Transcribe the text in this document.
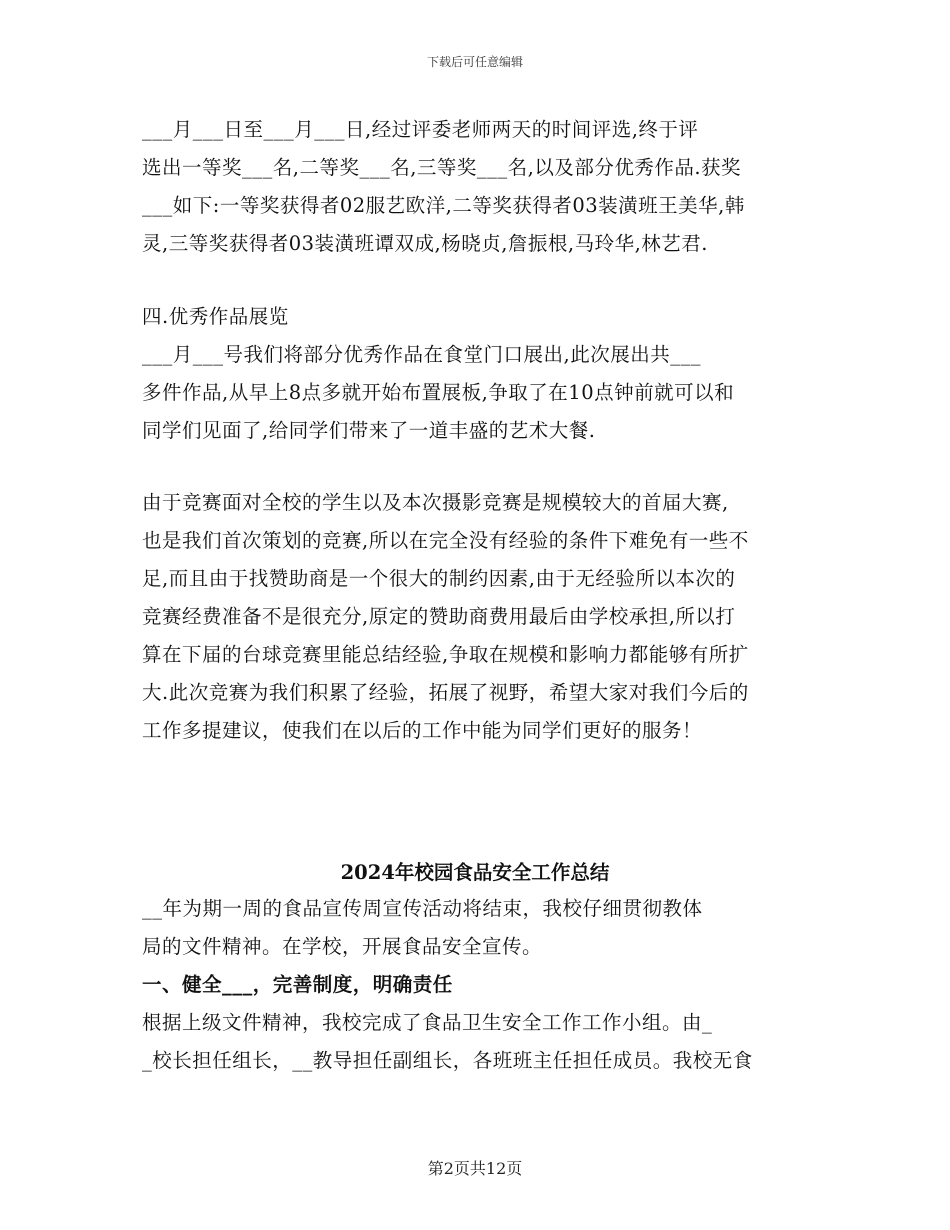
下载后可任意编辑
___月___日至___月___日,经过评委老师两天的时间评选,终于评
选出一等奖___名,二等奖___名,三等奖___名,以及部分优秀作品.获奖
___如下:一等奖获得者02服艺欧洋,二等奖获得者03装潢班王美华,韩
灵,三等奖获得者03装潢班谭双成,杨晓贞,詹振根,马玲华,林艺君.
四.优秀作品展览
___月___号我们将部分优秀作品在食堂门口展出,此次展出共___
多件作品,从早上8点多就开始布置展板,争取了在10点钟前就可以和
同学们见面了,给同学们带来了一道丰盛的艺术大餐.
由于竞赛面对全校的学生以及本次摄影竞赛是规模较大的首届大赛,
也是我们首次策划的竞赛,所以在完全没有经验的条件下难免有一些不
足,而且由于找赞助商是一个很大的制约因素,由于无经验所以本次的
竞赛经费准备不是很充分,原定的赞助商费用最后由学校承担,所以打
算在下届的台球竞赛里能总结经验,争取在规模和影响力都能够有所扩
大.此次竞赛为我们积累了经验，拓展了视野，希望大家对我们今后的
工作多提建议，使我们在以后的工作中能为同学们更好的服务！
2024年校园食品安全工作总结
__年为期一周的食品宣传周宣传活动将结束，我校仔细贯彻教体
局的文件精神。在学校，开展食品安全宣传。
一、健全___，完善制度，明确责任
根据上级文件精神，我校完成了食品卫生安全工作工作小组。由_
_校长担任组长，__教导担任副组长，各班班主任担任成员。我校无食
第2页共12页
